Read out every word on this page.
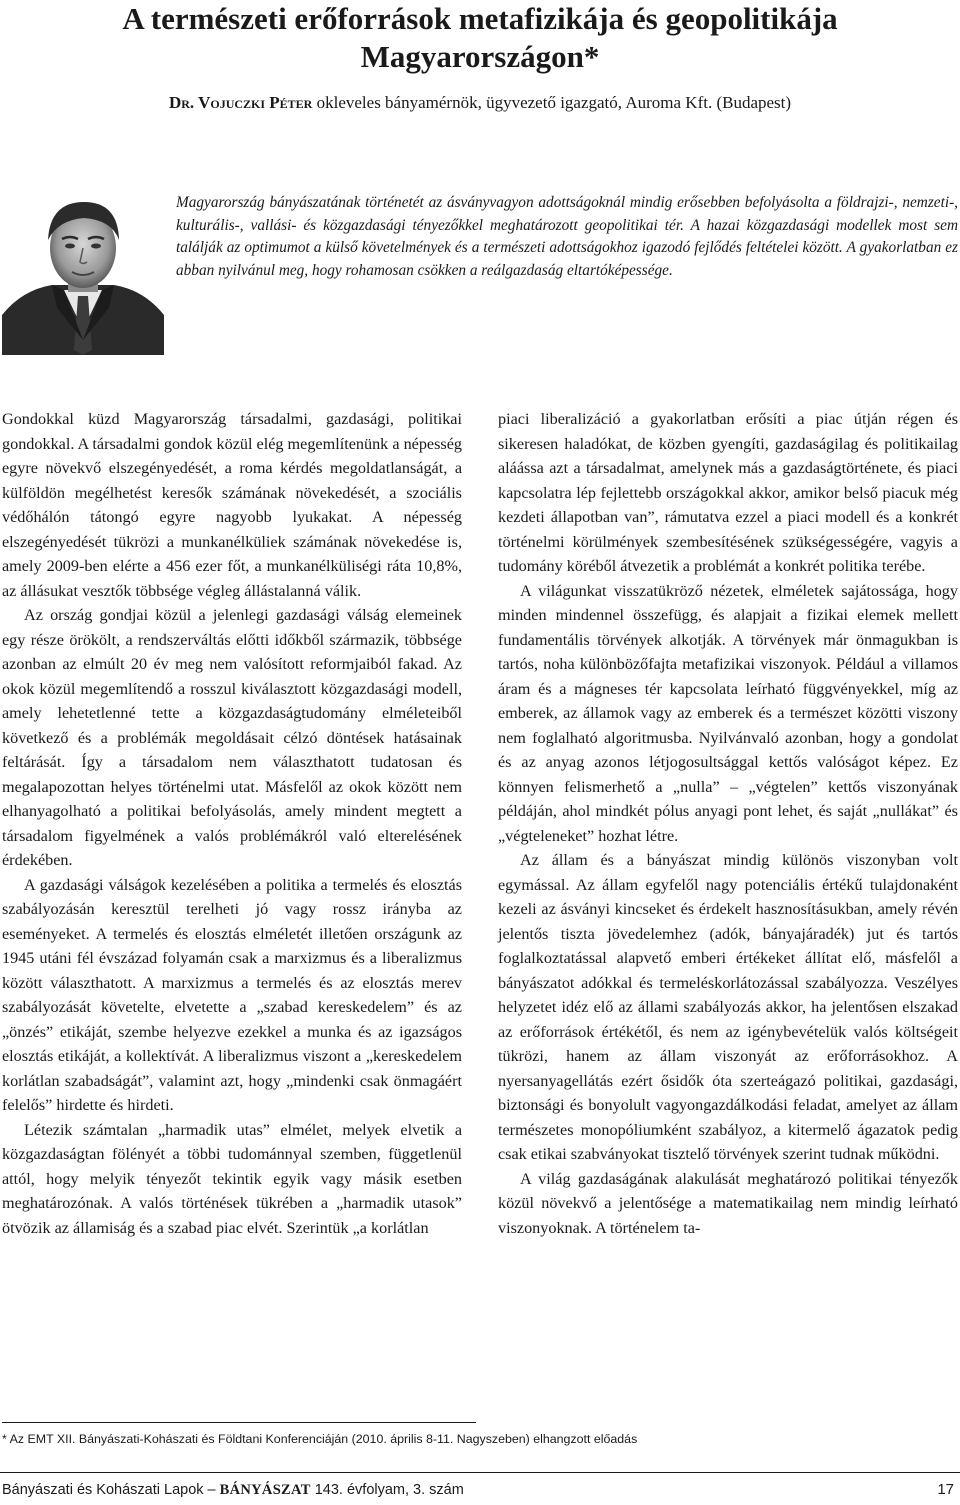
A természeti erőforrások metafizikája és geopolitikája
Magyarországon*
Dr. Vojuczki Péter okleveles bányamérnök, ügyvezető igazgató, Auroma Kft. (Budapest)
Magyarország bányászatának történetét az ásványvagyon adottságoknál mindig erősebben befolyásolta a földrajzi-, nemzeti-, kulturális-, vallási- és közgazdasági tényezőkkel meghatározott geopolitikai tér. A hazai közgazdasági modellek most sem találják az optimumot a külső követelmények és a természeti adottságokhoz igazodó fejlődés feltételei között. A gyakorlatban ez abban nyilvánul meg, hogy rohamosan csökken a reálgazdaság eltartóképessége.

Gondokkal küzd Magyarország társadalmi, gazdasági, politikai gondokkal. A társadalmi gondok közül elég megemlítenünk a népesség egyre növekvő elszegényedését, a roma kérdés megoldatlanságát, a külföldön megélhetést keresők számának növekedését, a szociális védőhálón tátongó egyre nagyobb lyukakat. A népesség elszegényedését tükrözi a munkanélküliek számának növekedése is, amely 2009-ben elérte a 456 ezer főt, a munkanélküliségi ráta 10,8%, az állásukat vesztők többsége végleg állástalanná válik.

Az ország gondjai közül a jelenlegi gazdasági válság elemeinek egy része örökölt, a rendszerváltás előtti időkből származik, többsége azonban az elmúlt 20 év meg nem valósított reformjaiból fakad. Az okok közül megemlítendő a rosszul kiválasztott közgazdasági modell, amely lehetetlenné tette a közgazdaságtudomány elméleteiből következő és a problémák megoldásait célzó döntések hatásainak feltárását. Így a társadalom nem választhatott tudatosan és megalapozottan helyes történelmi utat. Másfelől az okok között nem elhanyagolható a politikai befolyásolás, amely mindent megtett a társadalom figyelmének a valós problémákról való elterelésének érdekében.

A gazdasági válságok kezelésében a politika a termelés és elosztás szabályozásán keresztül terelheti jó vagy rossz irányba az eseményeket. A termelés és elosztás elméletét illetően országunk az 1945 utáni fél évszázad folyamán csak a marxizmus és a liberalizmus között választhatott. A marxizmus a termelés és az elosztás merev szabályozását követelte, elvetette a „szabad kereskedelem” és az „önzés” etikáját, szembe helyezve ezekkel a munka és az igazságos elosztás etikáját, a kollektívát. A liberalizmus viszont a „kereskedelem korlátlan szabadságát”, valamint azt, hogy „mindenki csak önmagáért felelős” hirdette és hirdeti.

Létezik számtalan „harmadik utas” elmélet, melyek elvetik a közgazdaságtan fölényét a többi tudománnyal szemben, függetlenül attól, hogy melyik tényezőt tekintik egyik vagy másik esetben meghatározónak. A valós történések tükrében a „harmadik utasok” ötvözik az államiság és a szabad piac elvét. Szerintük „a korlátlan

piaci liberalizáció a gyakorlatban erősíti a piac útján régen és sikeresen haladókat, de közben gyengíti, gazdaságilag és politikailag aláássa azt a társadalmat, amelynek más a gazdaságtörténete, és piaci kapcsolatra lép fejlettebb országokkal akkor, amikor belső piacuk még kezdeti állapotban van”, rámutatva ezzel a piaci modell és a konkrét történelmi körülmények szembesítésének szükségességére, vagyis a tudomány köréből átvezetik a problémát a konkrét politika terébe.

A világunkat visszatükröző nézetek, elméletek sajátossága, hogy minden mindennel összefügg, és alapjait a fizikai elemek mellett fundamentális törvények alkotják. A törvények már önmagukban is tartós, noha különbözőfajta metafizikai viszonyok. Például a villamos áram és a mágneses tér kapcsolata leírható függvényekkel, míg az emberek, az államok vagy az emberek és a természet közötti viszony nem foglalható algoritmusba. Nyilvánvaló azonban, hogy a gondolat és az anyag azonos létjogosultsággal kettős valóságot képez. Ez könnyen felismerhető a „nulla” – „végtelen” kettős viszonyának példáján, ahol mindkét pólus anyagi pont lehet, és saját „nullákat” és „végteleneket” hozhat létre.

Az állam és a bányászat mindig különös viszonyban volt egymással. Az állam egyfelől nagy potenciális értékű tulajdonaként kezeli az ásványi kincseket és érdekelt hasznosításukban, amely révén jelentős tiszta jövedelemhez (adók, bányajáradék) jut és tartós foglalkoztatással alapvető emberi értékeket állítat elő, másfelől a bányászatot adókkal és termeléskorlátozással szabályozza. Veszélyes helyzetet idéz elő az állami szabályozás akkor, ha jelentősen elszakad az erőforrások értékétől, és nem az igénybevételük valós költségeit tükrözi, hanem az állam viszonyát az erőforrásokhoz. A nyersanyagellátás ezért ősidők óta szerteágazó politikai, gazdasági, biztonsági és bonyolult vagyongazdálkodási feladat, amelyet az állam természetes monopóliumként szabályoz, a kitermelő ágazatok pedig csak etikai szabványokat tisztelő törvények szerint tudnak működni.

A világ gazdaságának alakulását meghatározó politikai tényezők közül növekvő a jelentősége a matematikailag nem mindig leírható viszonyoknak. A történelem ta-

* Az EMT XII. Bányászati-Kohászati és Földtani Konferenciáján (2010. április 8-11. Nagyszeben) elhangzott előadás
Bányászati és Kohászati Lapok – BÁNYÁSZAT 143. évfolyam, 3. szám	17
